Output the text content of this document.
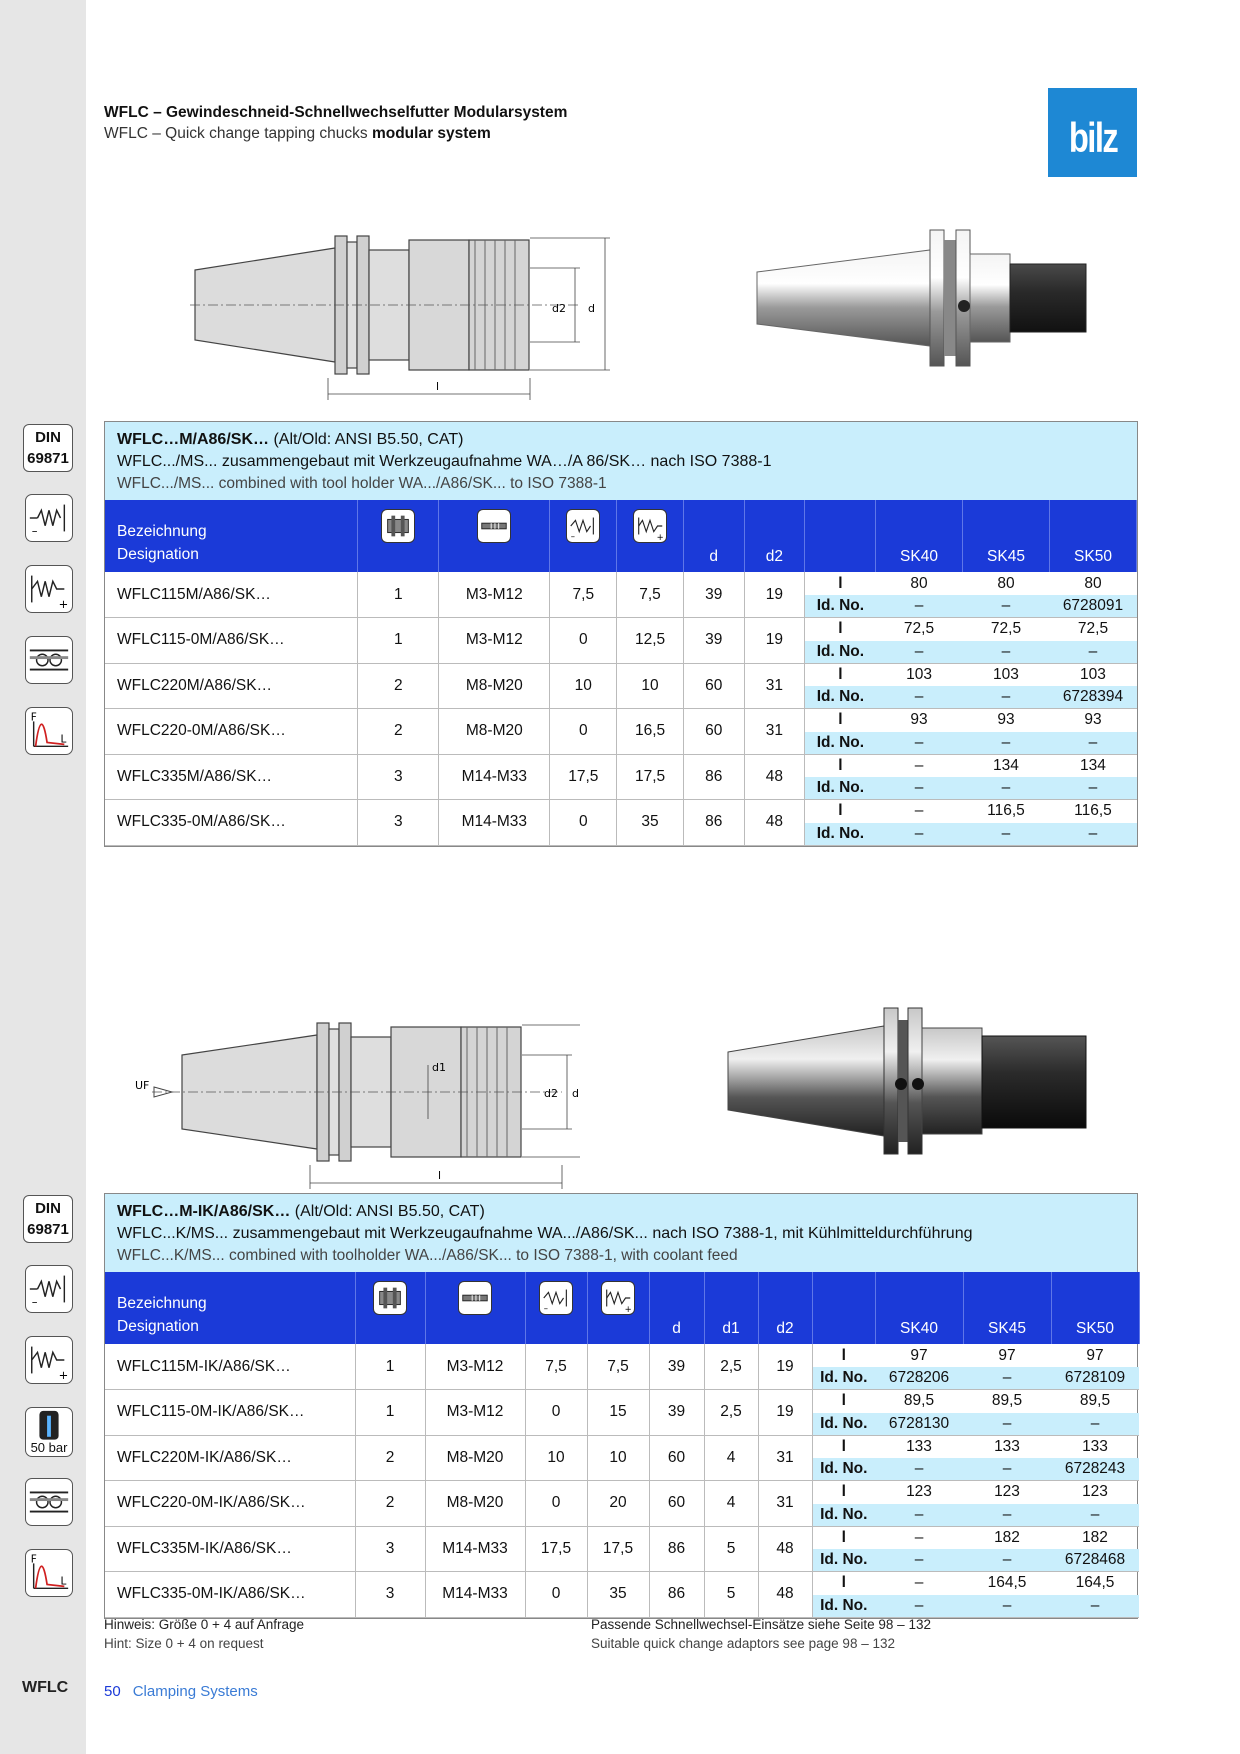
DIN
69871
–
+
F
L
DIN
69871
–
+
50 bar
F
L
WFLC
WFLC – Gewindeschneid-Schnellwechselfutter Modularsystem
WFLC – Quick change tapping chucks modular system	bilz
d2 d
l
WFLC…M/A86/SK… (Alt/Old: ANSI B5.50, CAT)
WFLC.../MS... zusammengebaut mit Werkzeugaufnahme WA…/A 86/SK… nach ISO 7388-1
WFLC.../MS... combined with tool holder WA.../A86/SK... to ISO 7388-1
Bezeichnung
Designation			–	+	d	d2		SK40	SK45	SK50
WFLC115M/A86/SK…	1	M3-M12	7,5	7,5	39	19	l	80	80	80
							Id. No.	–	–	6728091
WFLC115-0M/A86/SK…	1	M3-M12	0	12,5	39	19	l	72,5	72,5	72,5
							Id. No.	–	–	–
WFLC220M/A86/SK…	2	M8-M20	10	10	60	31	l	103	103	103
							Id. No.	–	–	6728394
WFLC220-0M/A86/SK…	2	M8-M20	0	16,5	60	31	l	93	93	93
							Id. No.	–	–	–
WFLC335M/A86/SK…	3	M14-M33	17,5	17,5	86	48	l	–	134	134
							Id. No.	–	–	–
WFLC335-0M/A86/SK…	3	M14-M33	0	35	86	48	l	–	116,5	116,5
							Id. No.	–	–	–
UF
d1
d2 d
l
WFLC…M-IK/A86/SK… (Alt/Old: ANSI B5.50, CAT)
WFLC...K/MS... zusammengebaut mit Werkzeugaufnahme WA.../A86/SK... nach ISO 7388-1, mit Kühlmitteldurchführung
WFLC...K/MS... combined with toolholder WA.../A86/SK... to ISO 7388-1, with coolant feed
Bezeichnung
Designation			–	+	d	d1	d2		SK40	SK45	SK50
WFLC115M-IK/A86/SK…	1	M3-M12	7,5	7,5	39	2,5	19	l	97	97	97
								Id. No.	6728206	–	6728109
WFLC115-0M-IK/A86/SK…	1	M3-M12	0	15	39	2,5	19	l	89,5	89,5	89,5
								Id. No.	6728130	–	–
WFLC220M-IK/A86/SK…	2	M8-M20	10	10	60	4	31	l	133	133	133
								Id. No.	–	–	6728243
WFLC220-0M-IK/A86/SK…	2	M8-M20	0	20	60	4	31	l	123	123	123
								Id. No.	–	–	–
WFLC335M-IK/A86/SK…	3	M14-M33	17,5	17,5	86	5	48	l	–	182	182
								Id. No.	–	–	6728468
WFLC335-0M-IK/A86/SK…	3	M14-M33	0	35	86	5	48	l	–	164,5	164,5
								Id. No.	–	–	–
Hinweis: Größe 0 + 4 auf Anfrage
Hint: Size 0 + 4 on request
Passende Schnellwechsel-Einsätze siehe Seite 98 – 132
Suitable quick change adaptors see page 98 – 132
50 Clamping Systems
